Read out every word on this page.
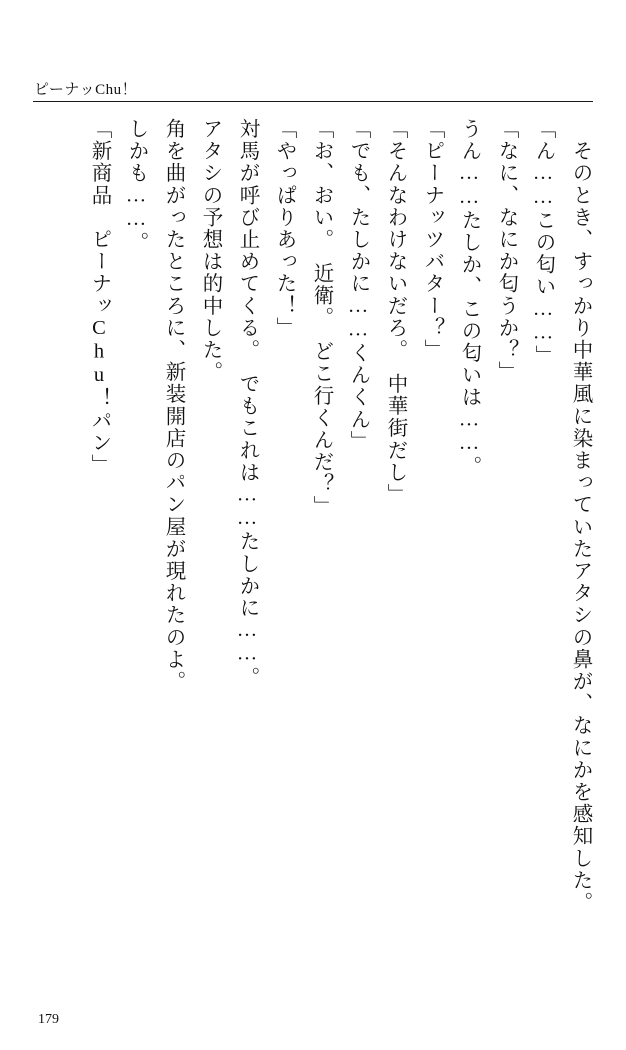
ピーナッChu！

　そのとき、すっかり中華風に染まっていたアタシの鼻が、なにかを感知した。

「ん……この匂い……」

「なに、なにか匂うか？」

うん……たしか、この匂いは……。

「ピーナッツバター？」

「そんなわけないだろ。　中華街だし」

「でも、たしかに……くんくん」

「お、おい。　近衛。　どこ行くんだ？」

「やっぱりあった！」

対馬が呼び止めてくる。　でもこれは……たしかに……。

アタシの予想は的中した。

角を曲がったところに、新装開店のパン屋が現れたのよ。

しかも……。

「新商品　ピーナッChu！パン」

179
